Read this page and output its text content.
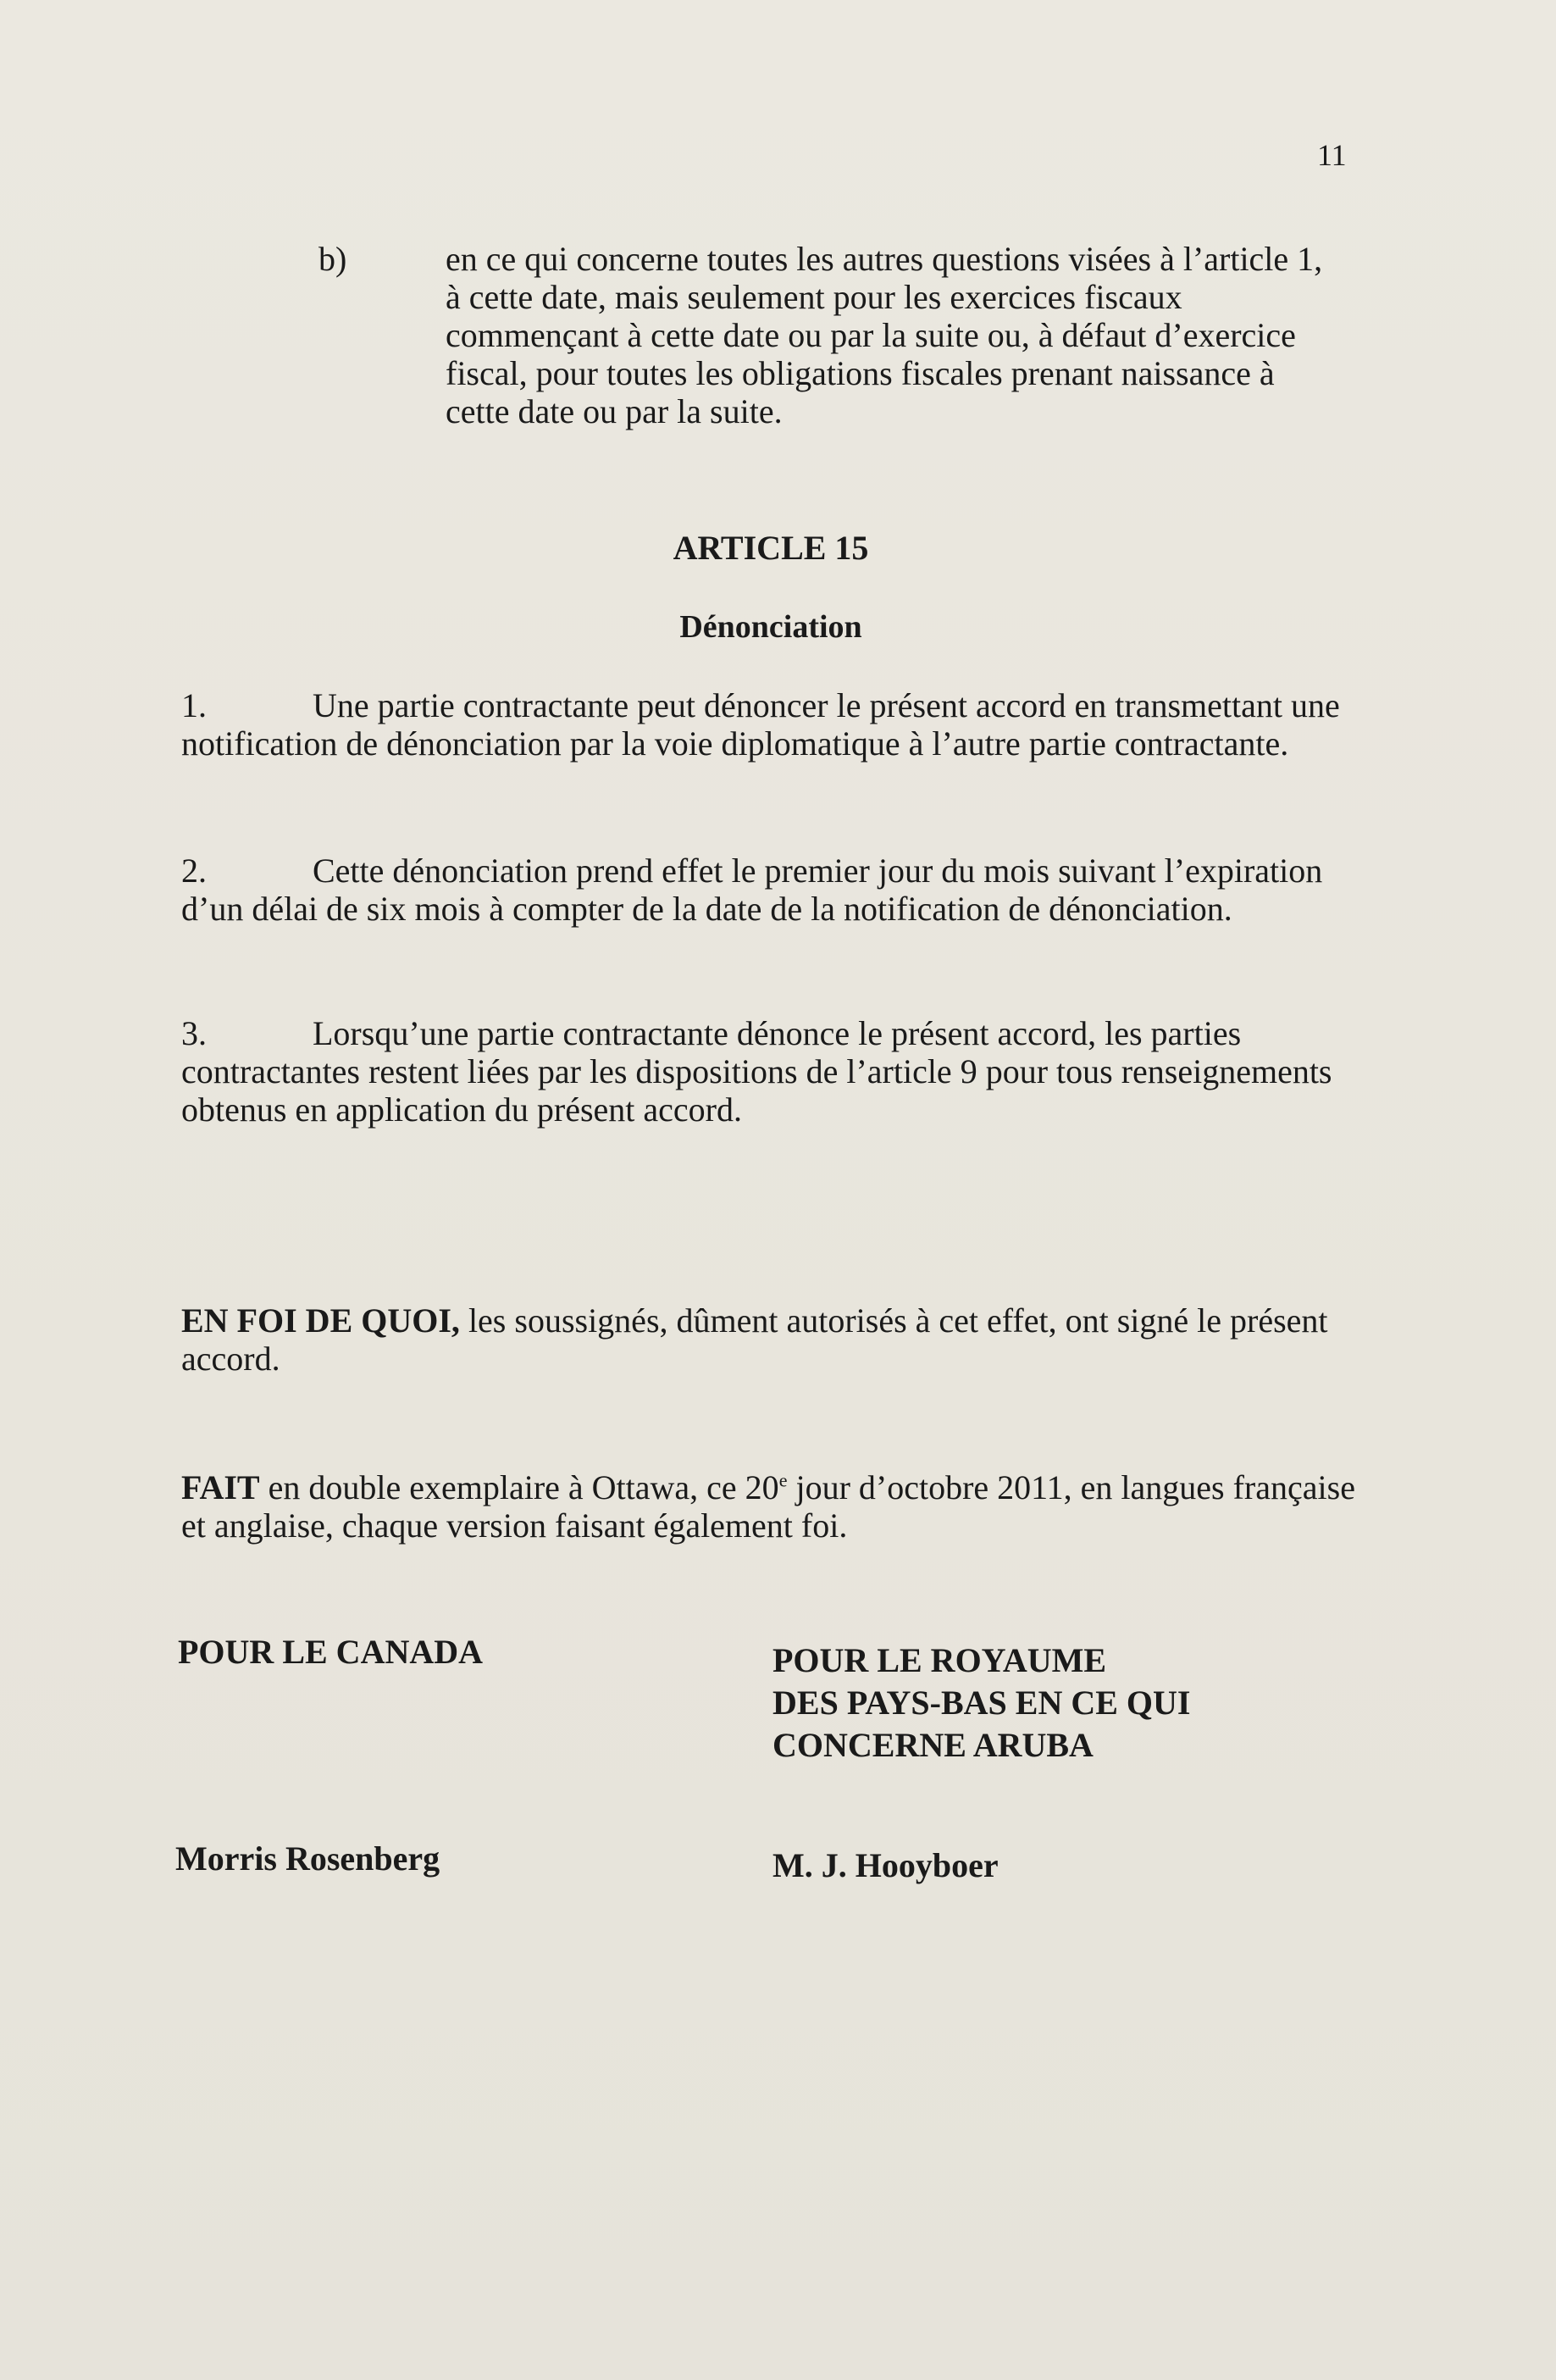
11
b)	en ce qui concerne toutes les autres questions visées à l’article 1, à cette date, mais seulement pour les exercices fiscaux commençant à cette date ou par la suite ou, à défaut d’exercice fiscal, pour toutes les obligations fiscales prenant naissance à cette date ou par la suite.

ARTICLE 15
Dénonciation

1.	Une partie contractante peut dénoncer le présent accord en transmettant une notification de dénonciation par la voie diplomatique à l’autre partie contractante.

2.	Cette dénonciation prend effet le premier jour du mois suivant l’expiration d’un délai de six mois à compter de la date de la notification de dénonciation.

3.	Lorsqu’une partie contractante dénonce le présent accord, les parties contractantes restent liées par les dispositions de l’article 9 pour tous renseignements obtenus en application du présent accord.

EN FOI DE QUOI, les soussignés, dûment autorisés à cet effet, ont signé le présent accord.

FAIT en double exemplaire à Ottawa, ce 20e jour d’octobre 2011, en langues française et anglaise, chaque version faisant également foi.

POUR LE CANADA	POUR LE ROYAUME
DES PAYS-BAS EN CE QUI
CONCERNE ARUBA
Morris Rosenberg	M. J. Hooyboer
